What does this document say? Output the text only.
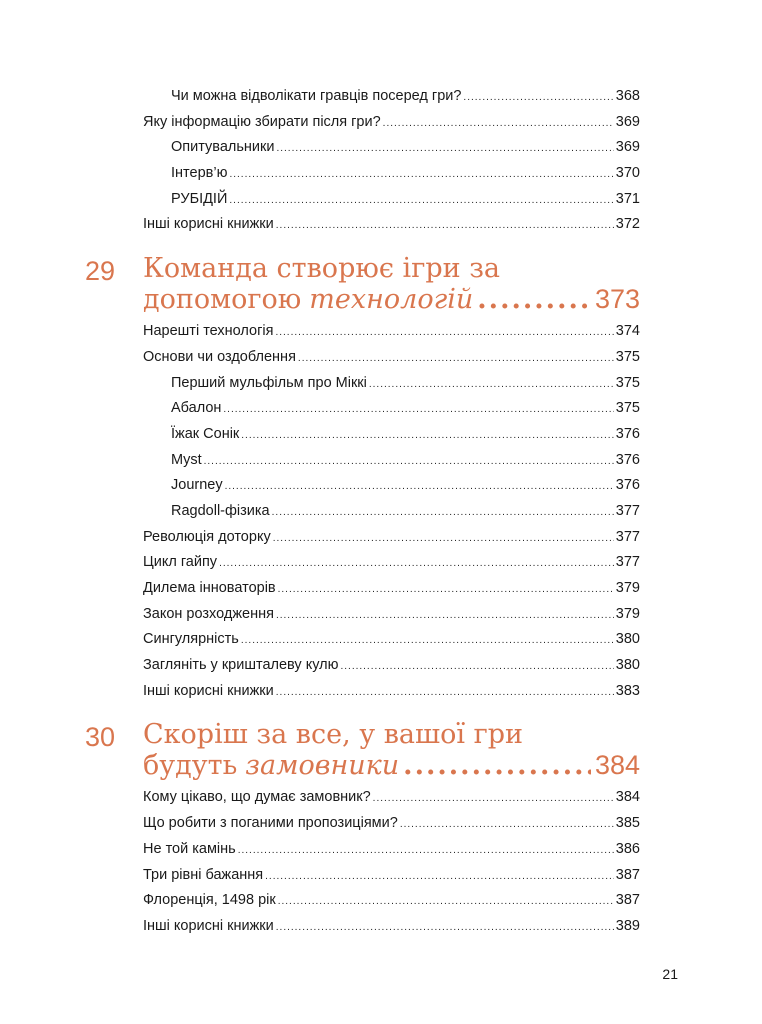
Чи можна відволікати гравців посеред гри? .....	368
Яку інформацію збирати після гри? .....	369
Опитувальники .....	369
Інтерв’ю .....	370
РУБІДІЙ .....	371
Інші корисні книжки .....	372
29 Команда створює ігри за
допомогою технологій .....	373
Нарешті технологія .....	374
Основи чи оздоблення .....	375
Перший мульфільм про Міккі .....	375
Абалон .....	375
Їжак Сонік .....	376
Myst .....	376
Journey .....	376
Ragdoll-фізика .....	377
Революція доторку .....	377
Цикл гайпу .....	377
Дилема інноваторів .....	379
Закон розходження .....	379
Сингулярність .....	380
Загляніть у кришталеву кулю .....	380
Інші корисні книжки .....	383
30 Скоріш за все, у вашої гри
будуть замовники .....	384
Кому цікаво, що думає замовник? .....	384
Що робити з поганими пропозиціями? .....	385
Не той камінь .....	386
Три рівні бажання .....	387
Флоренція, 1498 рік .....	387
Інші корисні книжки .....	389
21
